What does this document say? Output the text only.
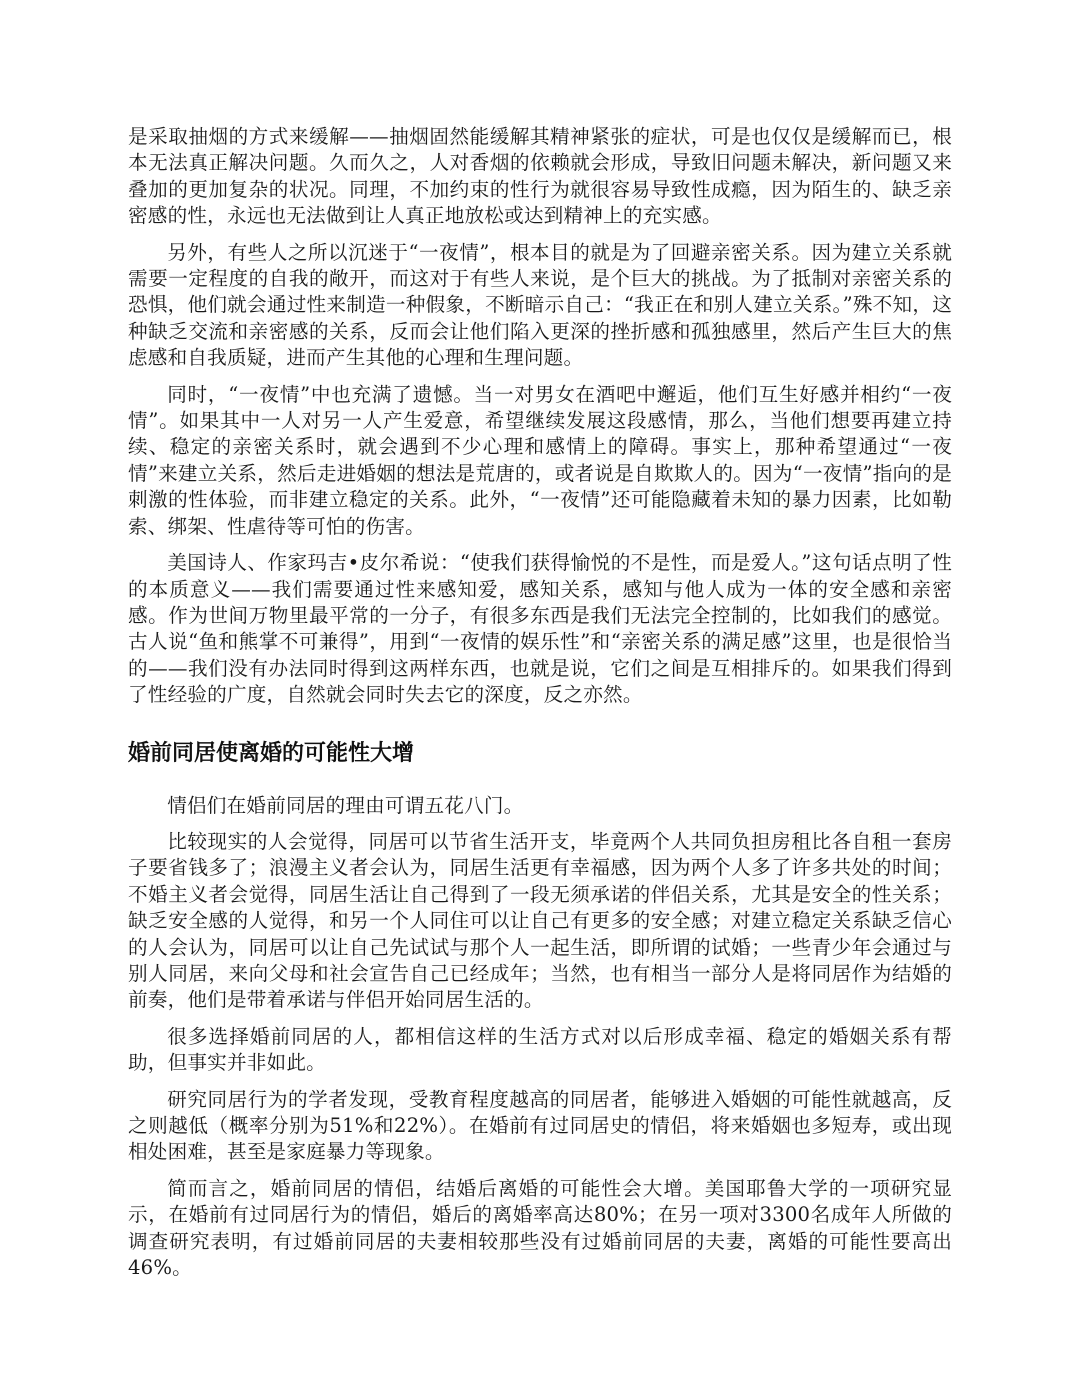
是采取抽烟的方式来缓解——抽烟固然能缓解其精神紧张的症状，可是也仅仅是缓解而已，根本无法真正解决问题。久而久之，人对香烟的依赖就会形成，导致旧问题未解决，新问题又来叠加的更加复杂的状况。同理，不加约束的性行为就很容易导致性成瘾，因为陌生的、缺乏亲密感的性，永远也无法做到让人真正地放松或达到精神上的充实感。

另外，有些人之所以沉迷于“一夜情”，根本目的就是为了回避亲密关系。因为建立关系就需要一定程度的自我的敞开，而这对于有些人来说，是个巨大的挑战。为了抵制对亲密关系的恐惧，他们就会通过性来制造一种假象，不断暗示自己：“我正在和别人建立关系。”殊不知，这种缺乏交流和亲密感的关系，反而会让他们陷入更深的挫折感和孤独感里，然后产生巨大的焦虑感和自我质疑，进而产生其他的心理和生理问题。

同时，“一夜情”中也充满了遗憾。当一对男女在酒吧中邂逅，他们互生好感并相约“一夜情”。如果其中一人对另一人产生爱意，希望继续发展这段感情，那么，当他们想要再建立持续、稳定的亲密关系时，就会遇到不少心理和感情上的障碍。事实上，那种希望通过“一夜情”来建立关系，然后走进婚姻的想法是荒唐的，或者说是自欺欺人的。因为“一夜情”指向的是刺激的性体验，而非建立稳定的关系。此外，“一夜情”还可能隐藏着未知的暴力因素，比如勒索、绑架、性虐待等可怕的伤害。

美国诗人、作家玛吉•皮尔希说：“使我们获得愉悦的不是性，而是爱人。”这句话点明了性的本质意义——我们需要通过性来感知爱，感知关系，感知与他人成为一体的安全感和亲密感。作为世间万物里最平常的一分子，有很多东西是我们无法完全控制的，比如我们的感觉。古人说“鱼和熊掌不可兼得”，用到“一夜情的娱乐性”和“亲密关系的满足感”这里，也是很恰当的——我们没有办法同时得到这两样东西，也就是说，它们之间是互相排斥的。如果我们得到了性经验的广度，自然就会同时失去它的深度，反之亦然。

婚前同居使离婚的可能性大增

情侣们在婚前同居的理由可谓五花八门。

比较现实的人会觉得，同居可以节省生活开支，毕竟两个人共同负担房租比各自租一套房子要省钱多了；浪漫主义者会认为，同居生活更有幸福感，因为两个人多了许多共处的时间；不婚主义者会觉得，同居生活让自己得到了一段无须承诺的伴侣关系，尤其是安全的性关系；缺乏安全感的人觉得，和另一个人同住可以让自己有更多的安全感；对建立稳定关系缺乏信心的人会认为，同居可以让自己先试试与那个人一起生活，即所谓的试婚；一些青少年会通过与别人同居，来向父母和社会宣告自己已经成年；当然，也有相当一部分人是将同居作为结婚的前奏，他们是带着承诺与伴侣开始同居生活的。

很多选择婚前同居的人，都相信这样的生活方式对以后形成幸福、稳定的婚姻关系有帮助，但事实并非如此。

研究同居行为的学者发现，受教育程度越高的同居者，能够进入婚姻的可能性就越高，反之则越低（概率分别为51%和22%）。在婚前有过同居史的情侣，将来婚姻也多短寿，或出现相处困难，甚至是家庭暴力等现象。

简而言之，婚前同居的情侣，结婚后离婚的可能性会大增。美国耶鲁大学的一项研究显示，在婚前有过同居行为的情侣，婚后的离婚率高达80%；在另一项对3300名成年人所做的调查研究表明，有过婚前同居的夫妻相较那些没有过婚前同居的夫妻，离婚的可能性要高出46%。
